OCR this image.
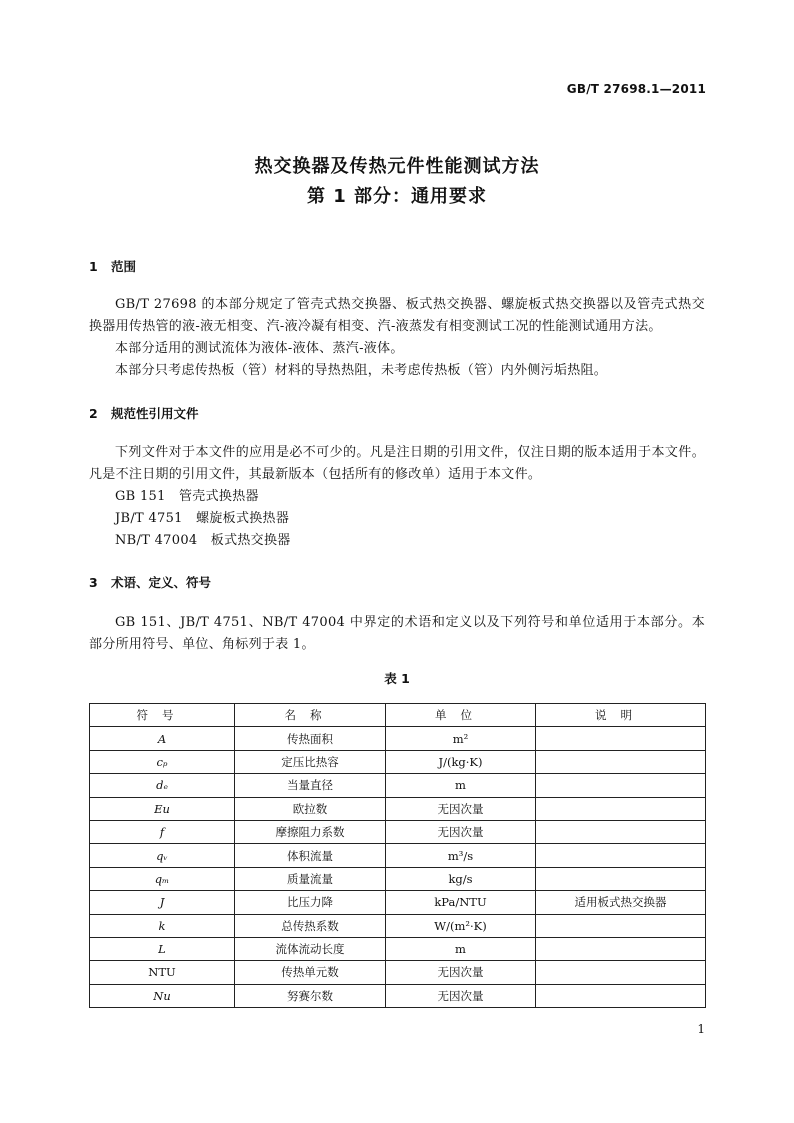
GB/T 27698.1—2011
热交换器及传热元件性能测试方法
第 1 部分：通用要求
1 范围
GB/T 27698 的本部分规定了管壳式热交换器、板式热交换器、螺旋板式热交换器以及管壳式热交换器用传热管的液-液无相变、汽-液冷凝有相变、汽-液蒸发有相变测试工况的性能测试通用方法。
本部分适用的测试流体为液体-液体、蒸汽-液体。
本部分只考虑传热板（管）材料的导热热阻，未考虑传热板（管）内外侧污垢热阻。
2 规范性引用文件
下列文件对于本文件的应用是必不可少的。凡是注日期的引用文件，仅注日期的版本适用于本文件。凡是不注日期的引用文件，其最新版本（包括所有的修改单）适用于本文件。
GB 151　 管壳式换热器
JB/T 4751　 螺旋板式换热器
NB/T 47004　 板式热交换器
3 术语、定义、符号
GB 151、JB/T 4751、NB/T 47004 中界定的术语和定义以及下列符号和单位适用于本部分。本部分所用符号、单位、角标列于表 1。
表 1
符号	名称	单位	说明
A	传热面积	m²	
cₚ	定压比热容	J/(kg·K)	
dₑ	当量直径	m	
Eu	欧拉数	无因次量	
f	摩擦阻力系数	无因次量	
qᵥ	体积流量	m³/s	
qₘ	质量流量	kg/s	
J	比压力降	kPa/NTU	适用板式热交换器
k	总传热系数	W/(m²·K)	
L	流体流动长度	m	
NTU	传热单元数	无因次量	
Nu	努赛尔数	无因次量	
1
